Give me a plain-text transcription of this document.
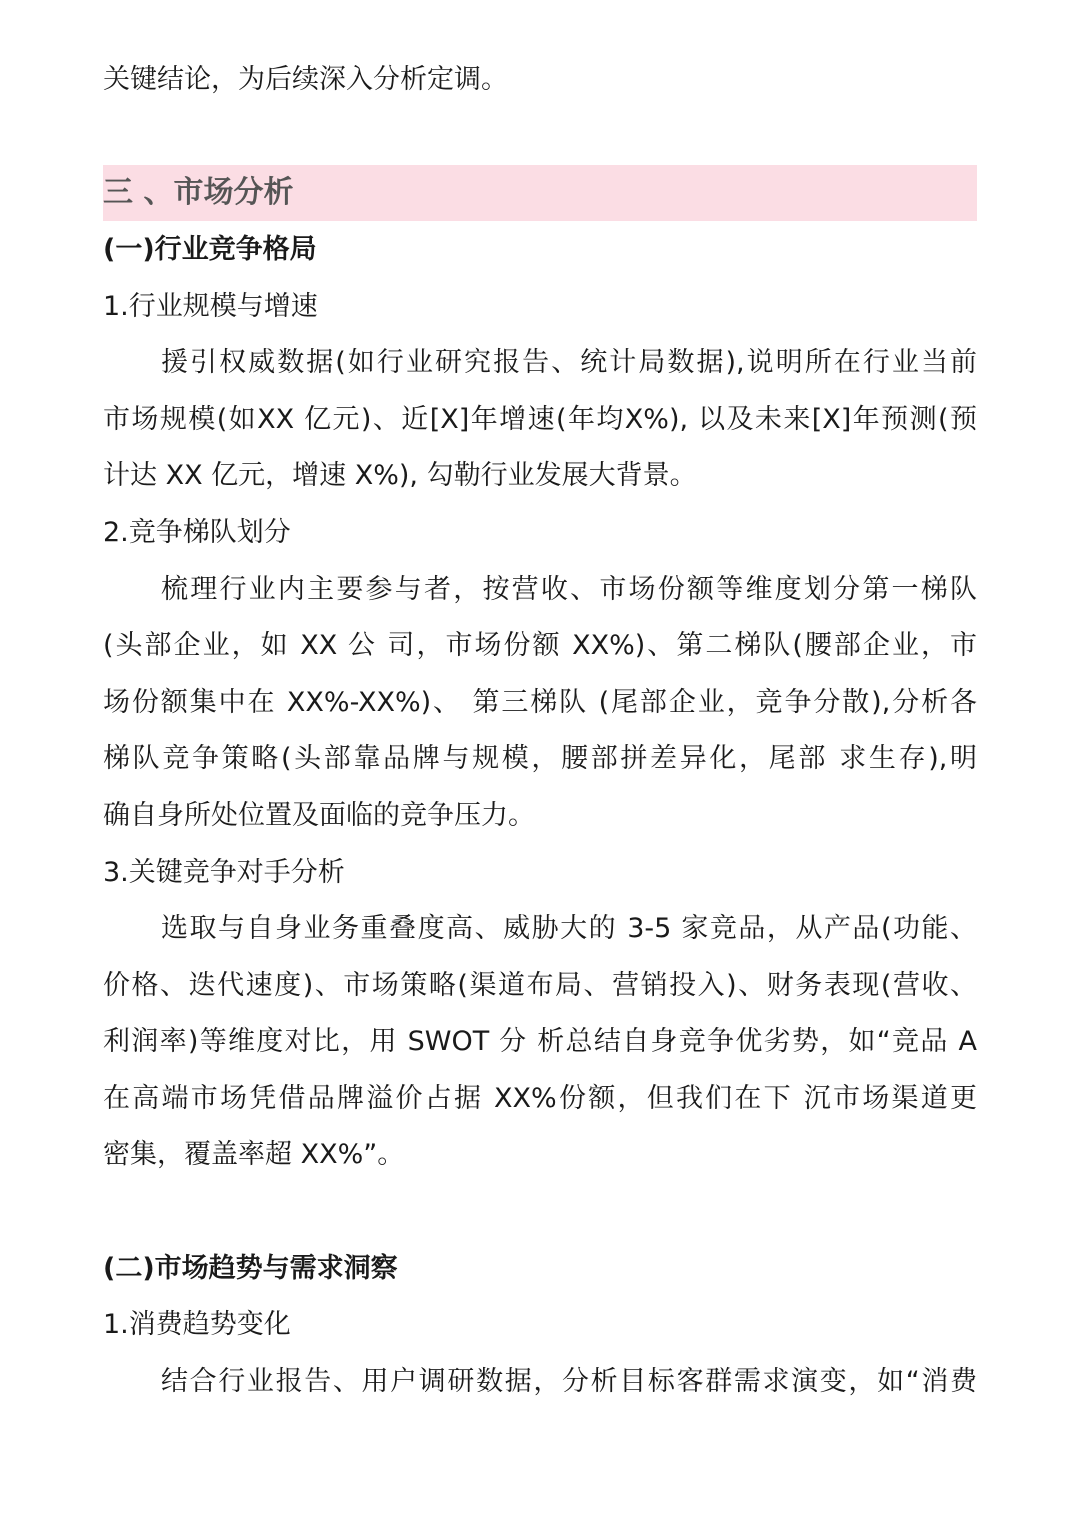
关键结论，为后续深入分析定调。

三 、市场分析

(一)行业竞争格局

1.行业规模与增速

援引权威数据(如行业研究报告、统计局数据),说明所在行业当前

市场规模(如XX 亿元)、近[X]年增速(年均X%), 以及未来[X]年预测(预

计达 XX 亿元，增速 X%), 勾勒行业发展大背景。

2.竞争梯队划分

梳理行业内主要参与者，按营收、市场份额等维度划分第一梯队

(头部企业，如 XX 公 司，市场份额 XX%)、第二梯队(腰部企业，市

场份额集中在 XX%-XX%)、 第三梯队 (尾部企业，竞争分散),分析各

梯队竞争策略(头部靠品牌与规模，腰部拼差异化，尾部 求生存),明

确自身所处位置及面临的竞争压力。

3.关键竞争对手分析

选取与自身业务重叠度高、威胁大的 3-5 家竞品，从产品(功能、

价格、迭代速度)、市场策略(渠道布局、营销投入)、财务表现(营收、

利润率)等维度对比，用 SWOT 分 析总结自身竞争优劣势，如“竞品 A

在高端市场凭借品牌溢价占据 XX%份额，但我们在下 沉市场渠道更

密集，覆盖率超 XX%”。

(二)市场趋势与需求洞察

1.消费趋势变化

结合行业报告、用户调研数据，分析目标客群需求演变，如“消费
